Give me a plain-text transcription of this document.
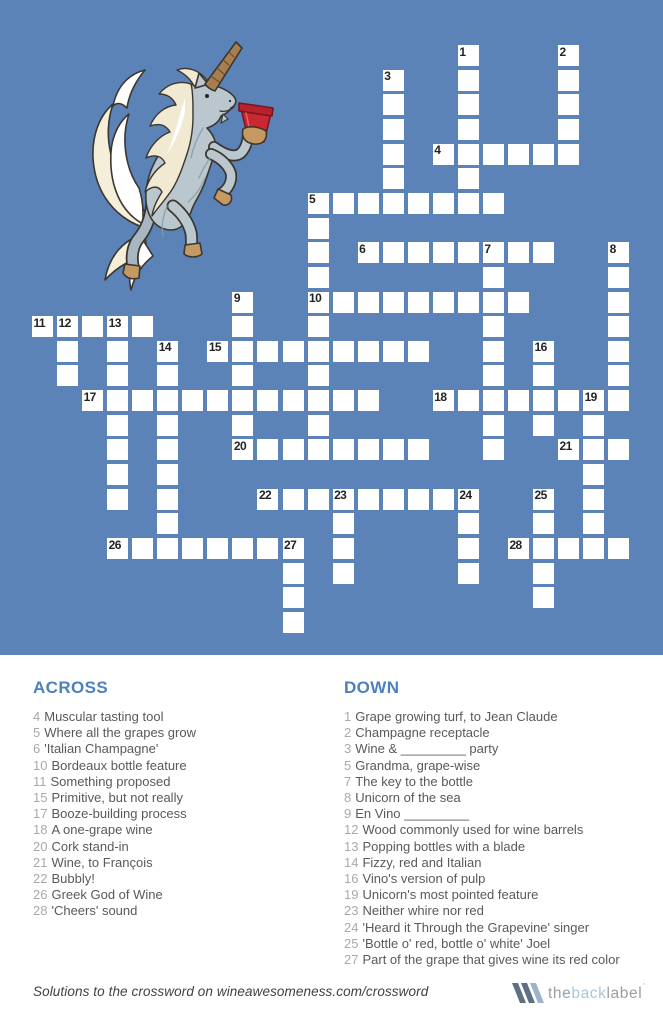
1	2
3
4
5
6	7	8
9	10
11 12	13
14	15	16
17	18	19
20	21
22	23	24	25
26	27	28
ACROSS
4 Muscular tasting tool
5 Where all the grapes grow
6 'Italian Champagne'
10 Bordeaux bottle feature
11 Something proposed
15 Primitive, but not really
17 Booze-building process
18 A one-grape wine
20 Cork stand-in
21 Wine, to François
22 Bubbly!
26 Greek God of Wine
28 'Cheers' sound
DOWN
1 Grape growing turf, to Jean Claude
2 Champagne receptacle
3 Wine & _________ party
5 Grandma, grape-wise
7 The key to the bottle
8 Unicorn of the sea
9 En Vino _________
12 Wood commonly used for wine barrels
13 Popping bottles with a blade
14 Fizzy, red and Italian
16 Vino's version of pulp
19 Unicorn's most pointed feature
23 Neither whire nor red
24 'Heard it Through the Grapevine' singer
25 'Bottle o' red, bottle o' white' Joel
27 Part of the grape that gives wine its red color
Solutions to the crossword on wineawesomeness.com/crossword	thebacklabel'
